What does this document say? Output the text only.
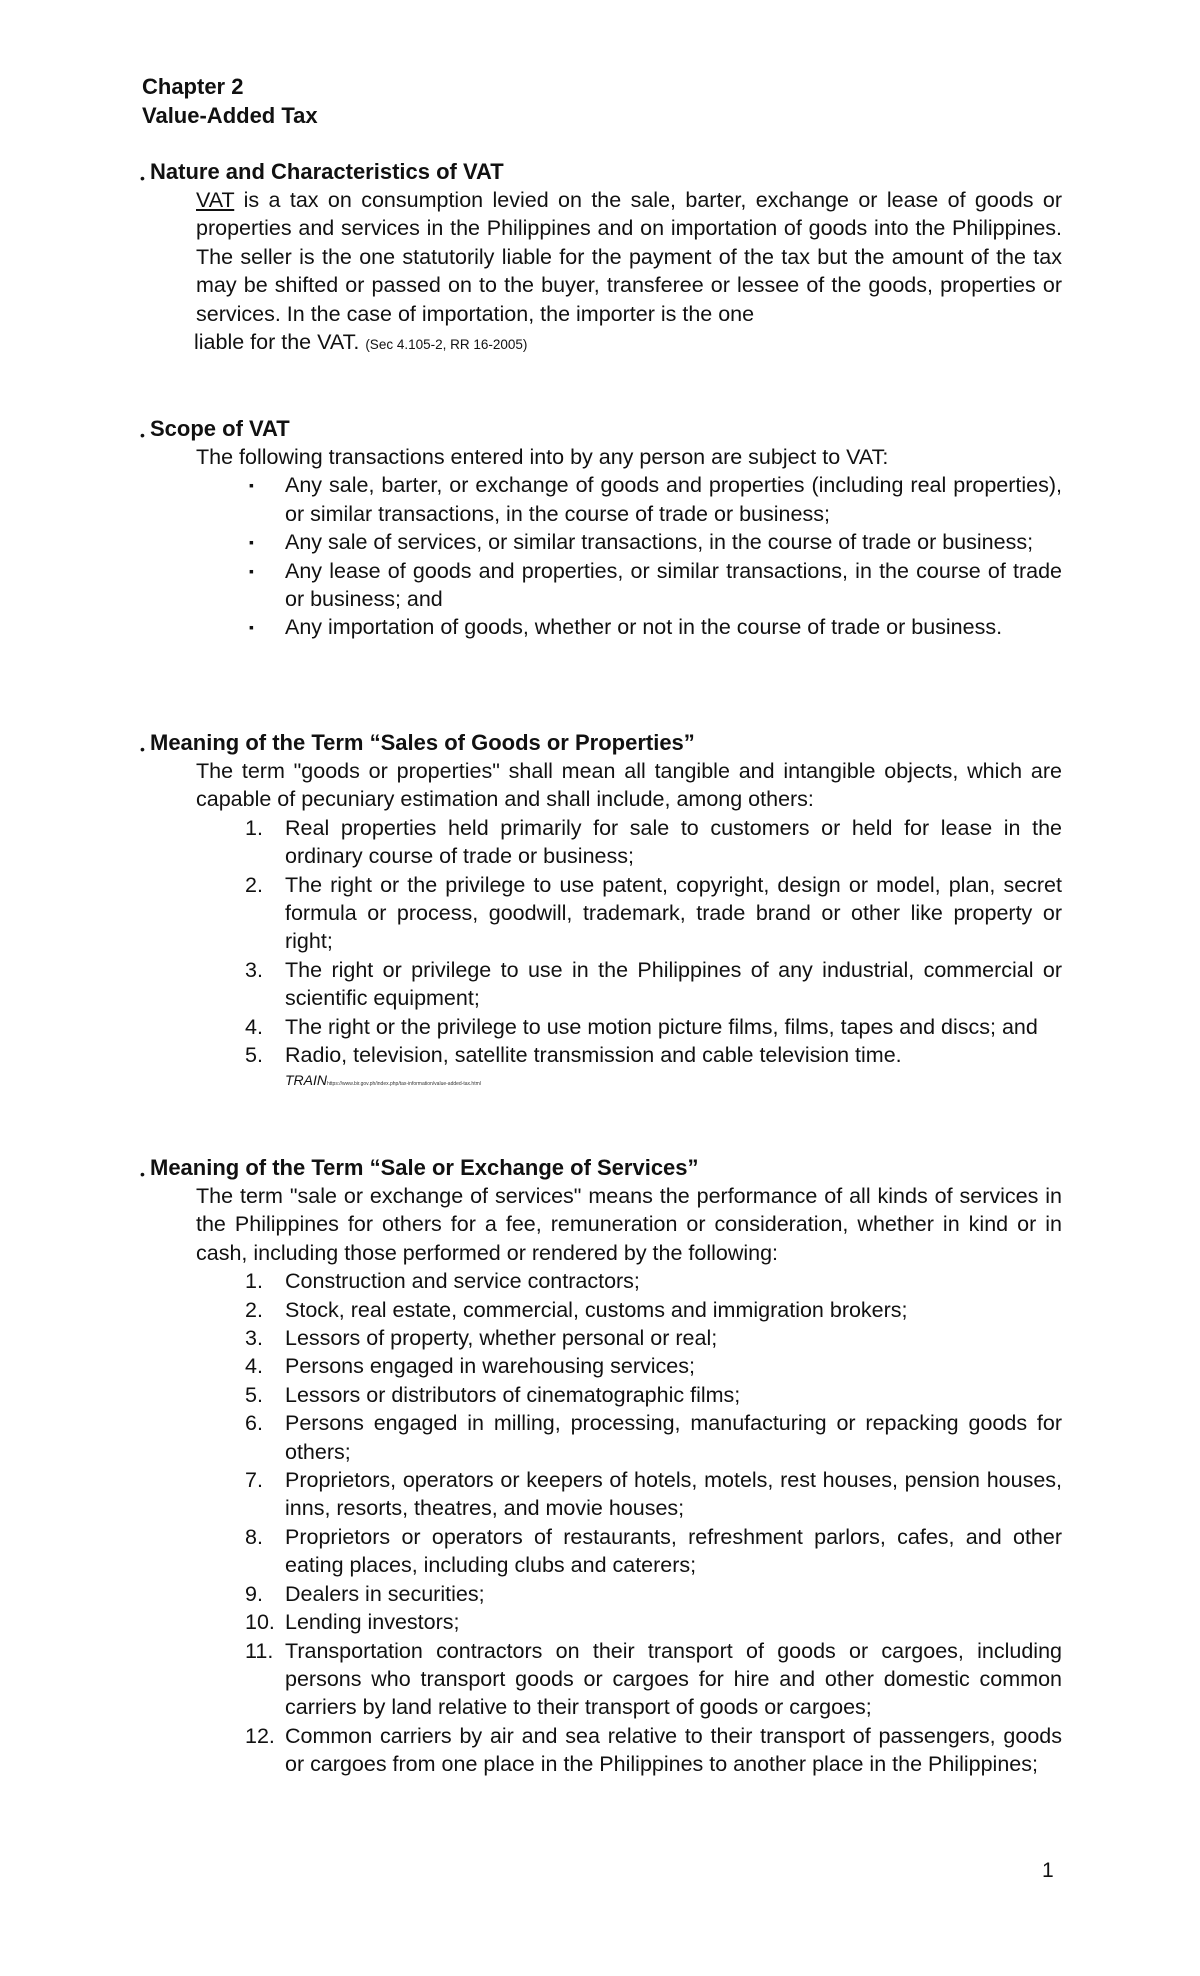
Chapter 2
Value-Added Tax
• Nature and Characteristics of VAT
VAT is a tax on consumption levied on the sale, barter, exchange or lease of goods or properties and services in the Philippines and on importation of goods into the Philippines. The seller is the one statutorily liable for the payment of the tax but the amount of the tax may be shifted or passed on to the buyer, transferee or lessee of the goods, properties or services. In the case of importation, the importer is the one
liable for the VAT. (Sec 4.105-2, RR 16-2005)
• Scope of VAT
The following transactions entered into by any person are subject to VAT:
▪ Any sale, barter, or exchange of goods and properties (including real properties), or similar transactions, in the course of trade or business;
▪ Any sale of services, or similar transactions, in the course of trade or business;
▪ Any lease of goods and properties, or similar transactions, in the course of trade or business; and
▪ Any importation of goods, whether or not in the course of trade or business.
• Meaning of the Term “Sales of Goods or Properties”
The term "goods or properties" shall mean all tangible and intangible objects, which are capable of pecuniary estimation and shall include, among others:
1.	Real properties held primarily for sale to customers or held for lease in the ordinary course of trade or business;
2.	The right or the privilege to use patent, copyright, design or model, plan, secret formula or process, goodwill, trademark, trade brand or other like property or right;
3.	The right or privilege to use in the Philippines of any industrial, commercial or scientific equipment;
4.	The right or the privilege to use motion picture films, films, tapes and discs; and
5.	Radio, television, satellite transmission and cable television time.
TRAINhttps://www.bir.gov.ph/index.php/tax-information/value-added-tax.html
• Meaning of the Term “Sale or Exchange of Services”
The term "sale or exchange of services" means the performance of all kinds of services in the Philippines for others for a fee, remuneration or consideration, whether in kind or in cash, including those performed or rendered by the following:
1.	Construction and service contractors;
2.	Stock, real estate, commercial, customs and immigration brokers;
3.	Lessors of property, whether personal or real;
4.	Persons engaged in warehousing services;
5.	Lessors or distributors of cinematographic films;
6.	Persons engaged in milling, processing, manufacturing or repacking goods for others;
7.	Proprietors, operators or keepers of hotels, motels, rest houses, pension houses, inns, resorts, theatres, and movie houses;
8.	Proprietors or operators of restaurants, refreshment parlors, cafes, and other eating places, including clubs and caterers;
9.	Dealers in securities;
10. Lending investors;
11. Transportation contractors on their transport of goods or cargoes, including persons who transport goods or cargoes for hire and other domestic common carriers by land relative to their transport of goods or cargoes;
12. Common carriers by air and sea relative to their transport of passengers, goods or cargoes from one place in the Philippines to another place in the Philippines;
1
